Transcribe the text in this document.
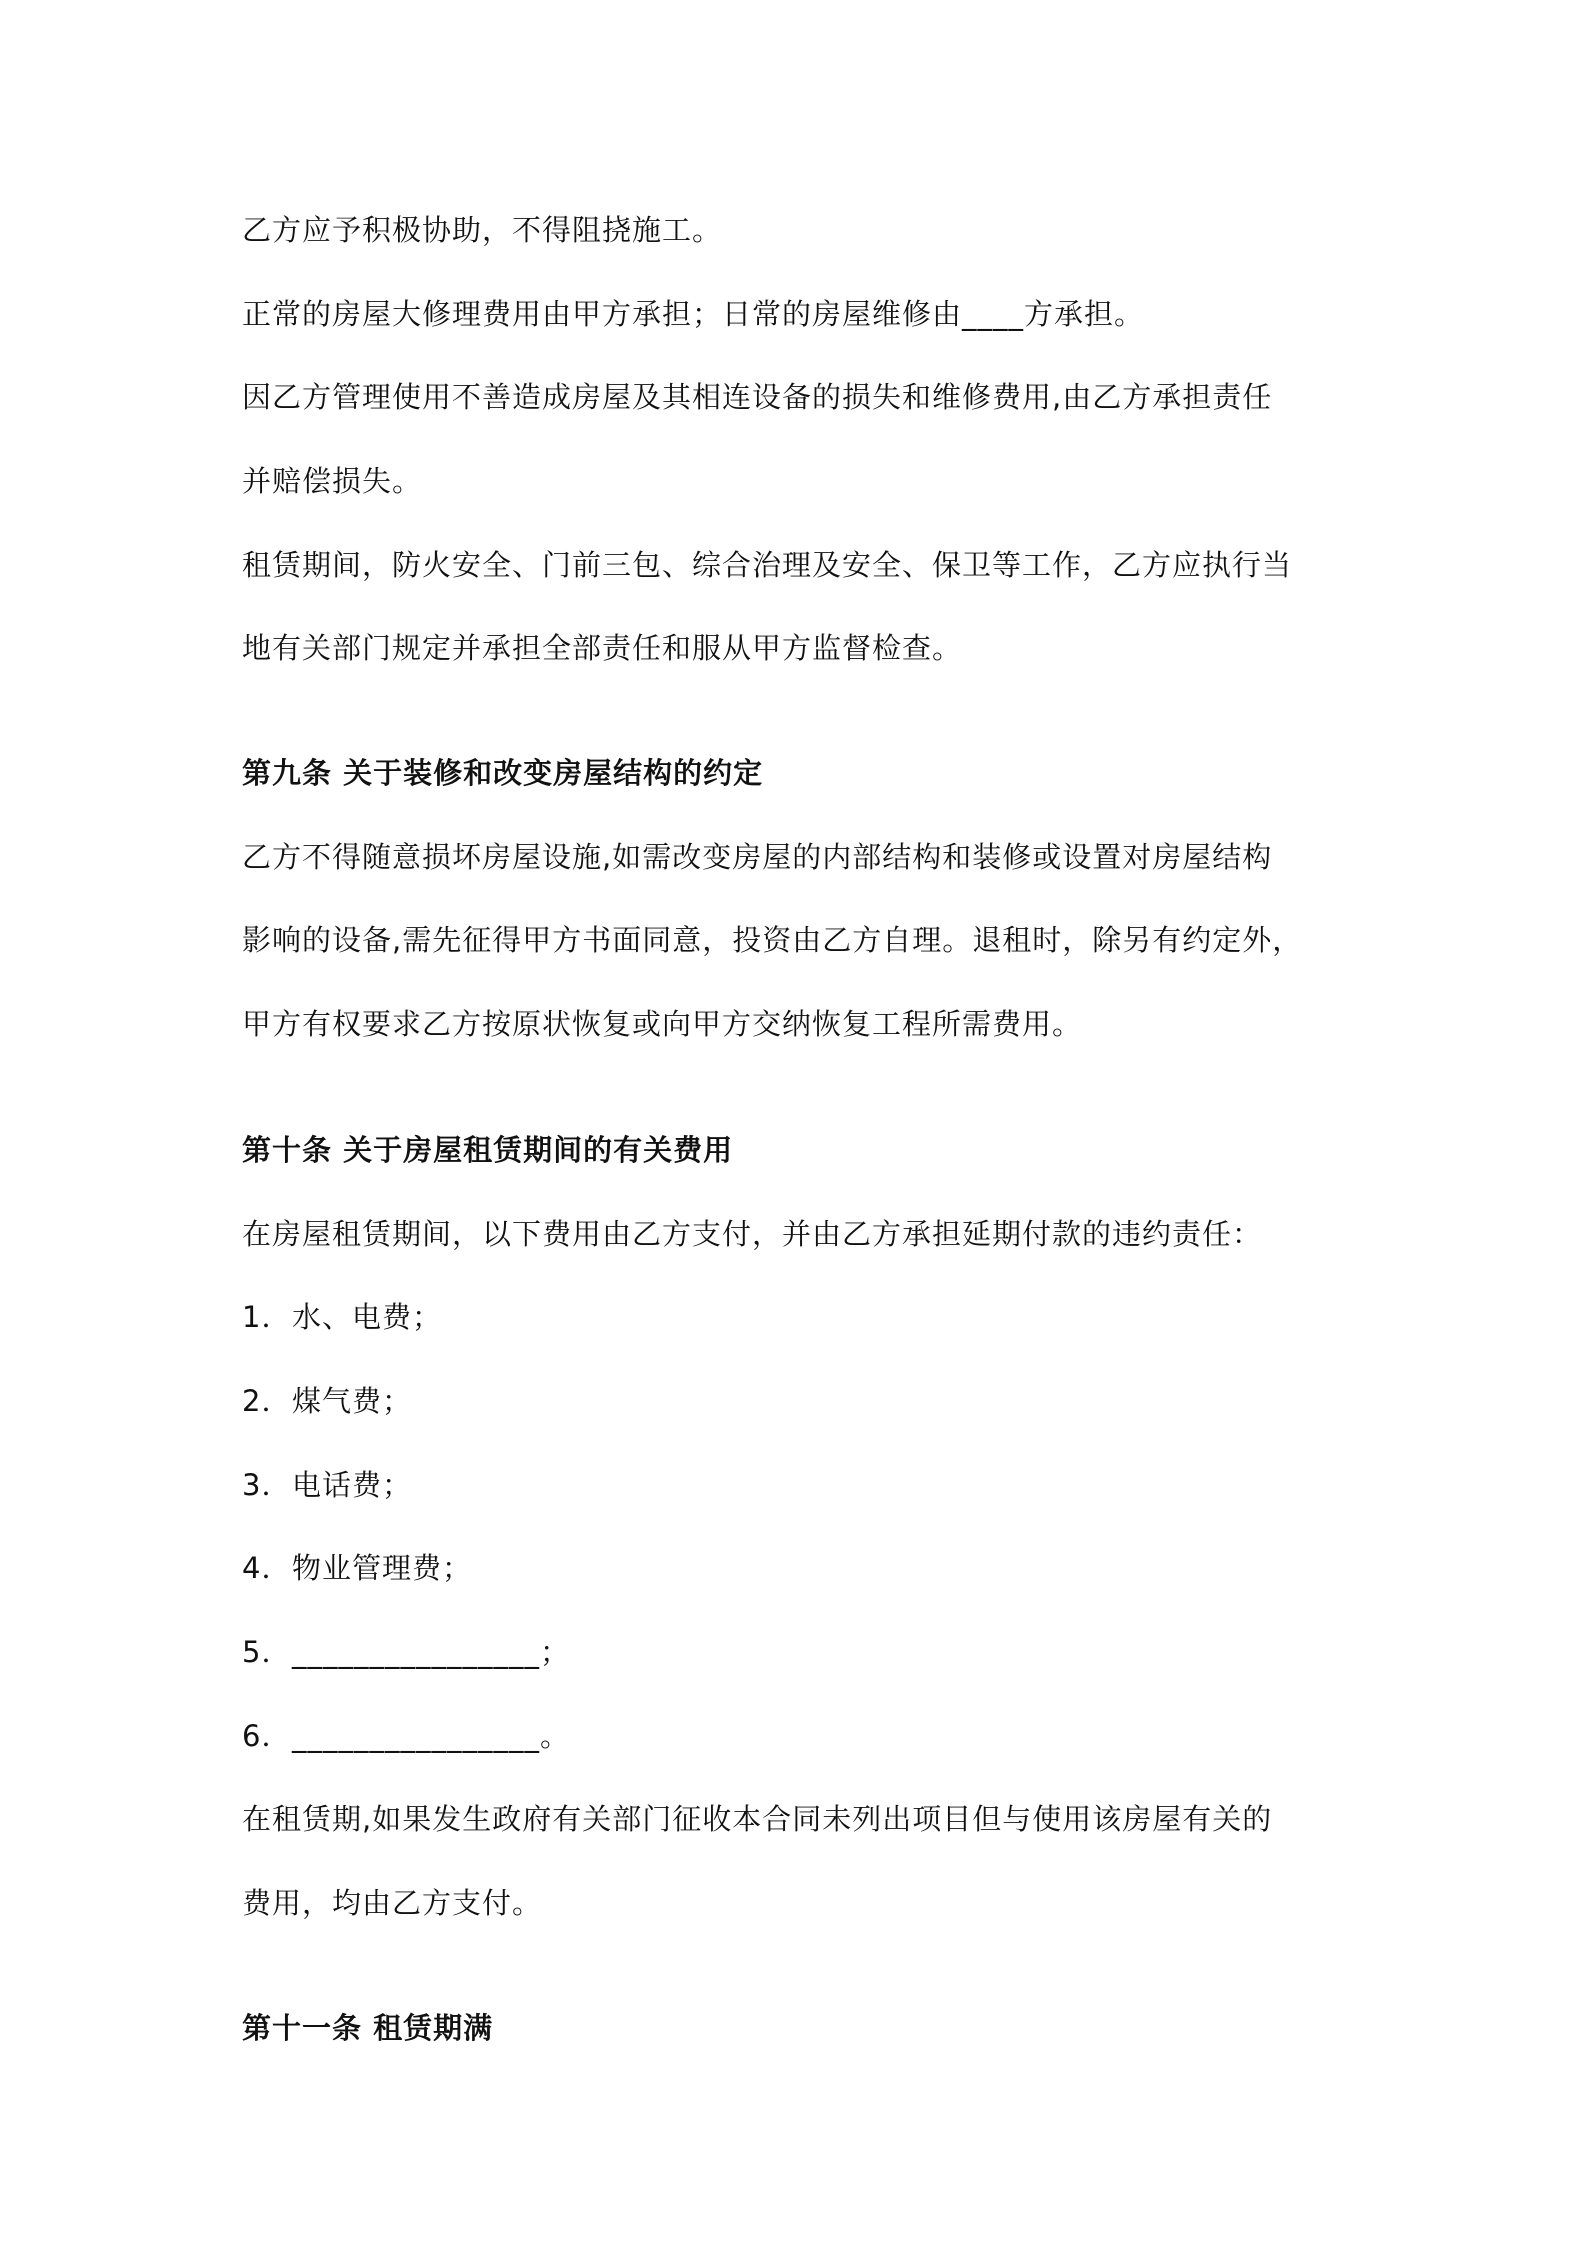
乙方应予积极协助，不得阻挠施工。
正常的房屋大修理费用由甲方承担；日常的房屋维修由____方承担。
因乙方管理使用不善造成房屋及其相连设备的损失和维修费用,由乙方承担责任
并赔偿损失。
租赁期间，防火安全、门前三包、综合治理及安全、保卫等工作，乙方应执行当
地有关部门规定并承担全部责任和服从甲方监督检查。
第九条 关于装修和改变房屋结构的约定
乙方不得随意损坏房屋设施,如需改变房屋的内部结构和装修或设置对房屋结构
影响的设备,需先征得甲方书面同意，投资由乙方自理。退租时，除另有约定外，
甲方有权要求乙方按原状恢复或向甲方交纳恢复工程所需费用。
第十条 关于房屋租赁期间的有关费用
在房屋租赁期间，以下费用由乙方支付，并由乙方承担延期付款的违约责任：
1．水、电费；
2．煤气费；
3．电话费；
4．物业管理费；
5．________________；
6．________________。
在租赁期,如果发生政府有关部门征收本合同未列出项目但与使用该房屋有关的
费用，均由乙方支付。
第十一条 租赁期满
